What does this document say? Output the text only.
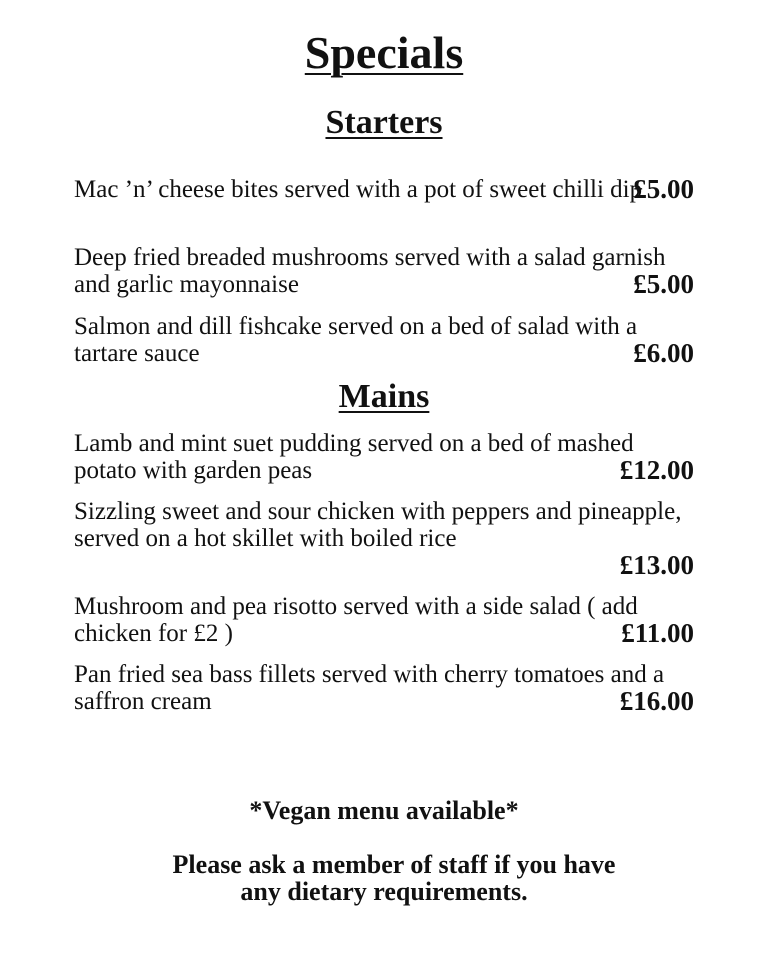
Specials
Starters
Mac ’n’ cheese bites served with a pot of sweet chilli dip
£5.00
Deep fried breaded mushrooms served with a salad garnish and garlic mayonnaise	£5.00
Salmon and dill fishcake served on a bed of salad with a tartare sauce	£6.00
Mains
Lamb and mint suet pudding served on a bed of mashed potato with garden peas	£12.00
Sizzling sweet and sour chicken with peppers and pineapple, served on a hot skillet with boiled rice
£13.00
Mushroom and pea risotto served with a side salad ( add chicken for £2 )	£11.00
Pan fried sea bass fillets served with cherry tomatoes and a saffron cream	£16.00
*Vegan menu available*
Please ask a member of staff if you have
any dietary requirements.
